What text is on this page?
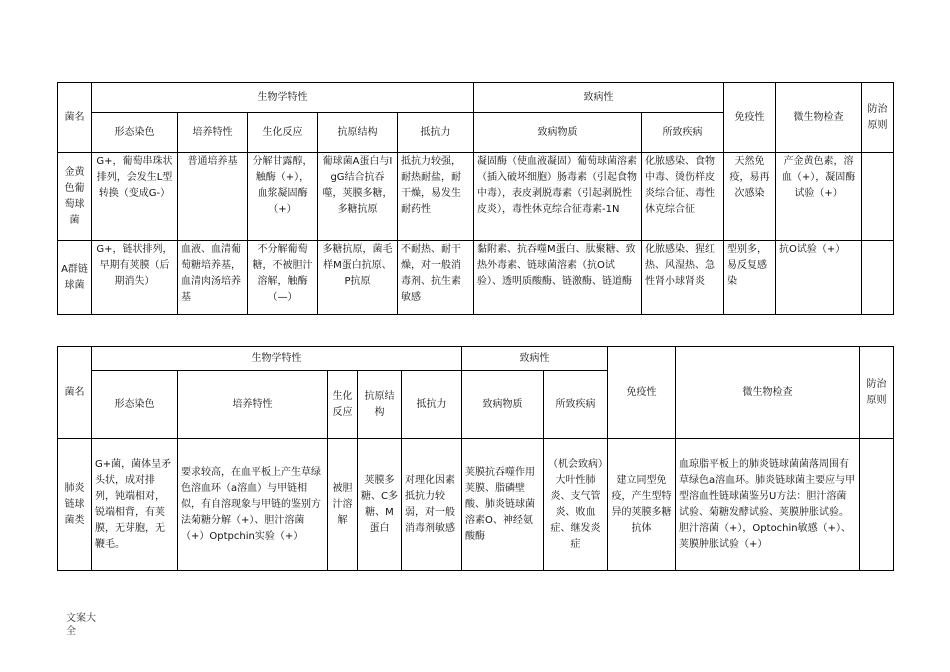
菌名	生物学特性					致病性		免疫性	微生物检查	防治原则
	形态染色	培养特性	生化反应	抗原结构	抵抗力	致病物质	所致疾病			
金黄色葡萄球菌	G+，葡萄串珠状排列，会发生L型转换（变成G-）	普通培养基	分解甘露醇，触酶（+），血浆凝固酶（+）	葡球菌A蛋白与IgG结合抗吞噬，荚膜多糖，多糖抗原	抵抗力较强，耐热耐盐，耐干燥，易发生耐药性	凝固酶（使血液凝固）葡萄球菌溶素（插入破坏细胞）肠毒素（引起食物中毒），表皮剥脱毒素（引起剥脱性皮炎），毒性休克综合征毒素-1N	化脓感染、食物中毒、烫伤样皮炎综合征、毒性休克综合征	天然免疫，易再次感染	产金黄色素，溶血（+），凝固酶试验（+）	
A群链球菌	G+，链状排列，早期有荚膜（后期消失）	血液、血清葡萄糖培养基，血清肉汤培养基	不分解葡萄糖，不被胆汁溶解，触酶（—）	多糖抗原，菌毛样M蛋白抗原、P抗原	不耐热、耐干燥，对一般消毒剂、抗生素敏感	黏附素、抗吞噬M蛋白、肽聚糖、致热外毒素、链球菌溶素（抗O试验）、透明质酸酶、链激酶、链道酶	化脓感染、猩红热、风湿热、急性肾小球肾炎	型别多，易反复感染	抗O试验（+）	
菌名	生物学特性					致病性		免疫性	微生物检查	防治原则
	形态染色	培养特性	生化反应	抗原结构	抵抗力	致病物质	所致疾病			
肺炎链球菌类	G+菌，菌体呈矛头状，成对排列，钝端相对，锐端相背，有荚膜，无芽胞，无鞭毛。	要求较高，在血平板上产生草绿色溶血环（a溶血）与甲链相似，有自溶现象与甲链的鉴别方法菊糖分解（+）、胆汁溶菌（+）Optpchin实验（+）	被胆汁溶解	荚膜多糖、C多糖、M蛋白	对理化因素抵抗力较弱，对一般消毒剂敏感	荚膜抗吞噬作用荚膜、脂磷壁酸、肺炎链球菌溶素O、神经氨酸酶	（机会致病）大叶性肺炎、支气管炎、败血症、继发炎症	建立同型免疫，产生型特异的荚膜多糖抗体	血琼脂平板上的肺炎链球菌菌落周围有草绿色a溶血环。肺炎链球菌主要应与甲型溶血性链球菌鉴另U方法：胆汁溶菌试验、菊糖发酵试验、荚膜肿胀试验。胆汁溶菌（+），Optochin敏感（+）、荚膜肿胀试验（+）	
文案大全
